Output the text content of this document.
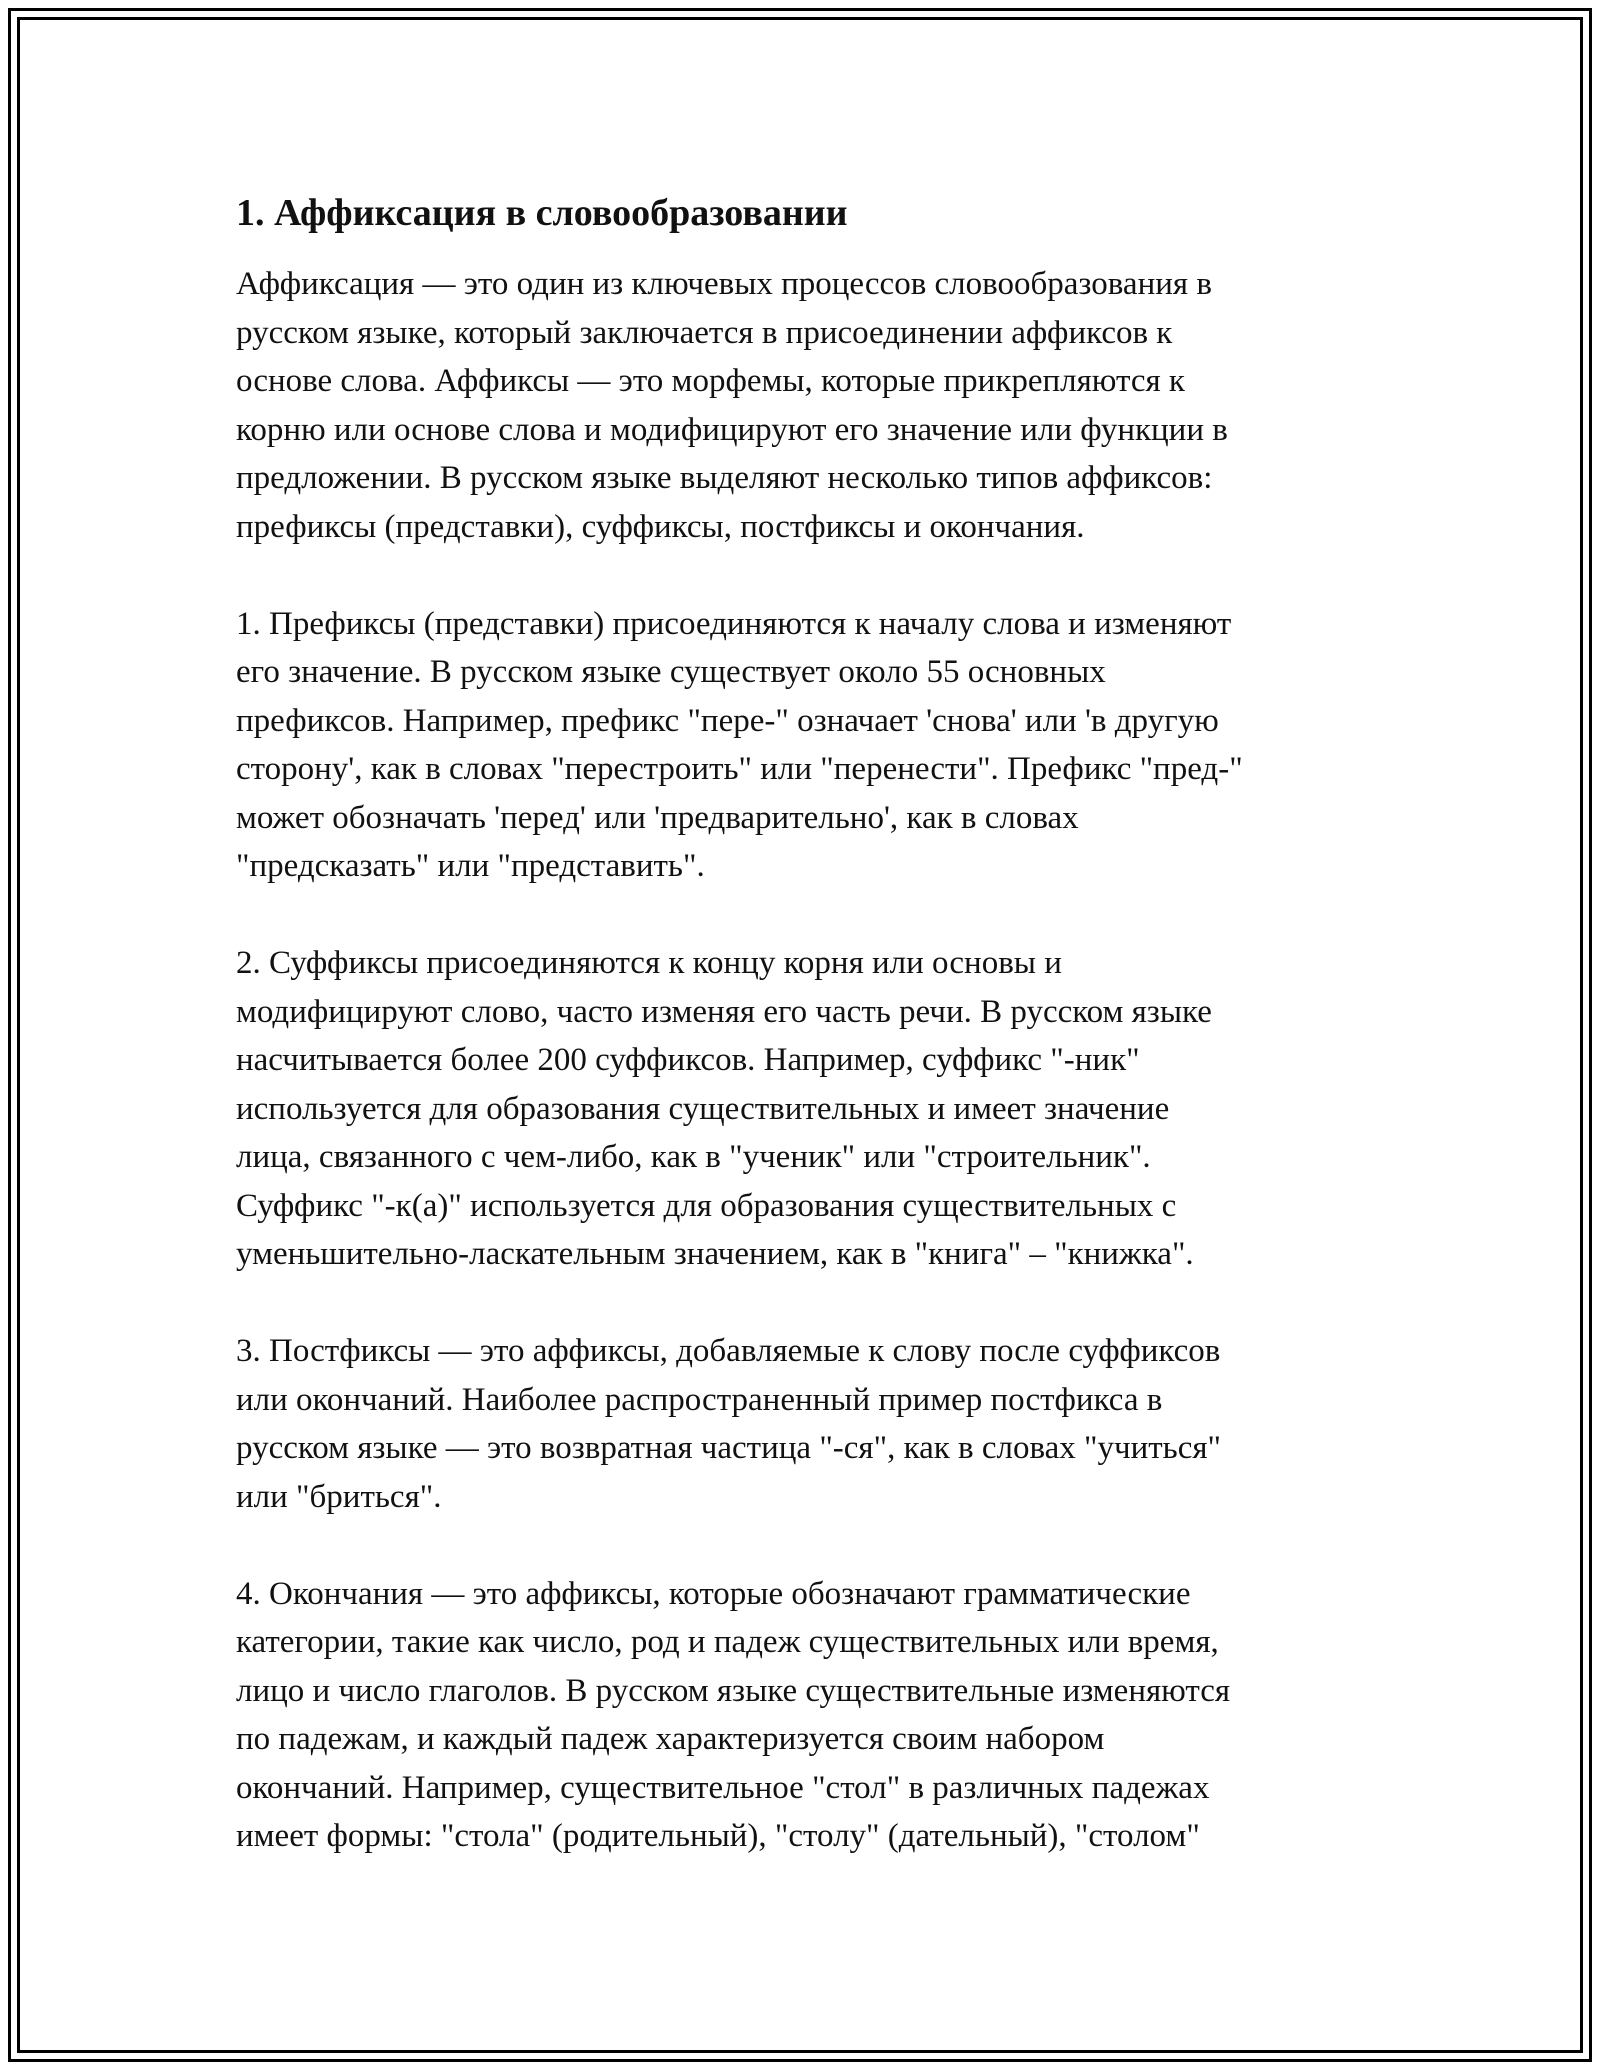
1. Аффиксация в словообразовании

Аффиксация — это один из ключевых процессов словообразования в
русском языке, который заключается в присоединении аффиксов к
основе слова. Аффиксы — это морфемы, которые прикрепляются к
корню или основе слова и модифицируют его значение или функции в
предложении. В русском языке выделяют несколько типов аффиксов:
префиксы (представки), суффиксы, постфиксы и окончания.

1. Префиксы (представки) присоединяются к началу слова и изменяют
его значение. В русском языке существует около 55 основных
префиксов. Например, префикс "пере-" означает 'снова' или 'в другую
сторону', как в словах "перестроить" или "перенести". Префикс "пред-"
может обозначать 'перед' или 'предварительно', как в словах
"предсказать" или "представить".

2. Суффиксы присоединяются к концу корня или основы и
модифицируют слово, часто изменяя его часть речи. В русском языке
насчитывается более 200 суффиксов. Например, суффикс "-ник"
используется для образования существительных и имеет значение
лица, связанного с чем-либо, как в "ученик" или "строительник".
Суффикс "-к(а)" используется для образования существительных с
уменьшительно-ласкательным значением, как в "книга" – "книжка".

3. Постфиксы — это аффиксы, добавляемые к слову после суффиксов
или окончаний. Наиболее распространенный пример постфикса в
русском языке — это возвратная частица "-ся", как в словах "учиться"
или "бриться".

4. Окончания — это аффиксы, которые обозначают грамматические
категории, такие как число, род и падеж существительных или время,
лицо и число глаголов. В русском языке существительные изменяются
по падежам, и каждый падеж характеризуется своим набором
окончаний. Например, существительное "стол" в различных падежах
имеет формы: "стола" (родительный), "столу" (дательный), "столом"
